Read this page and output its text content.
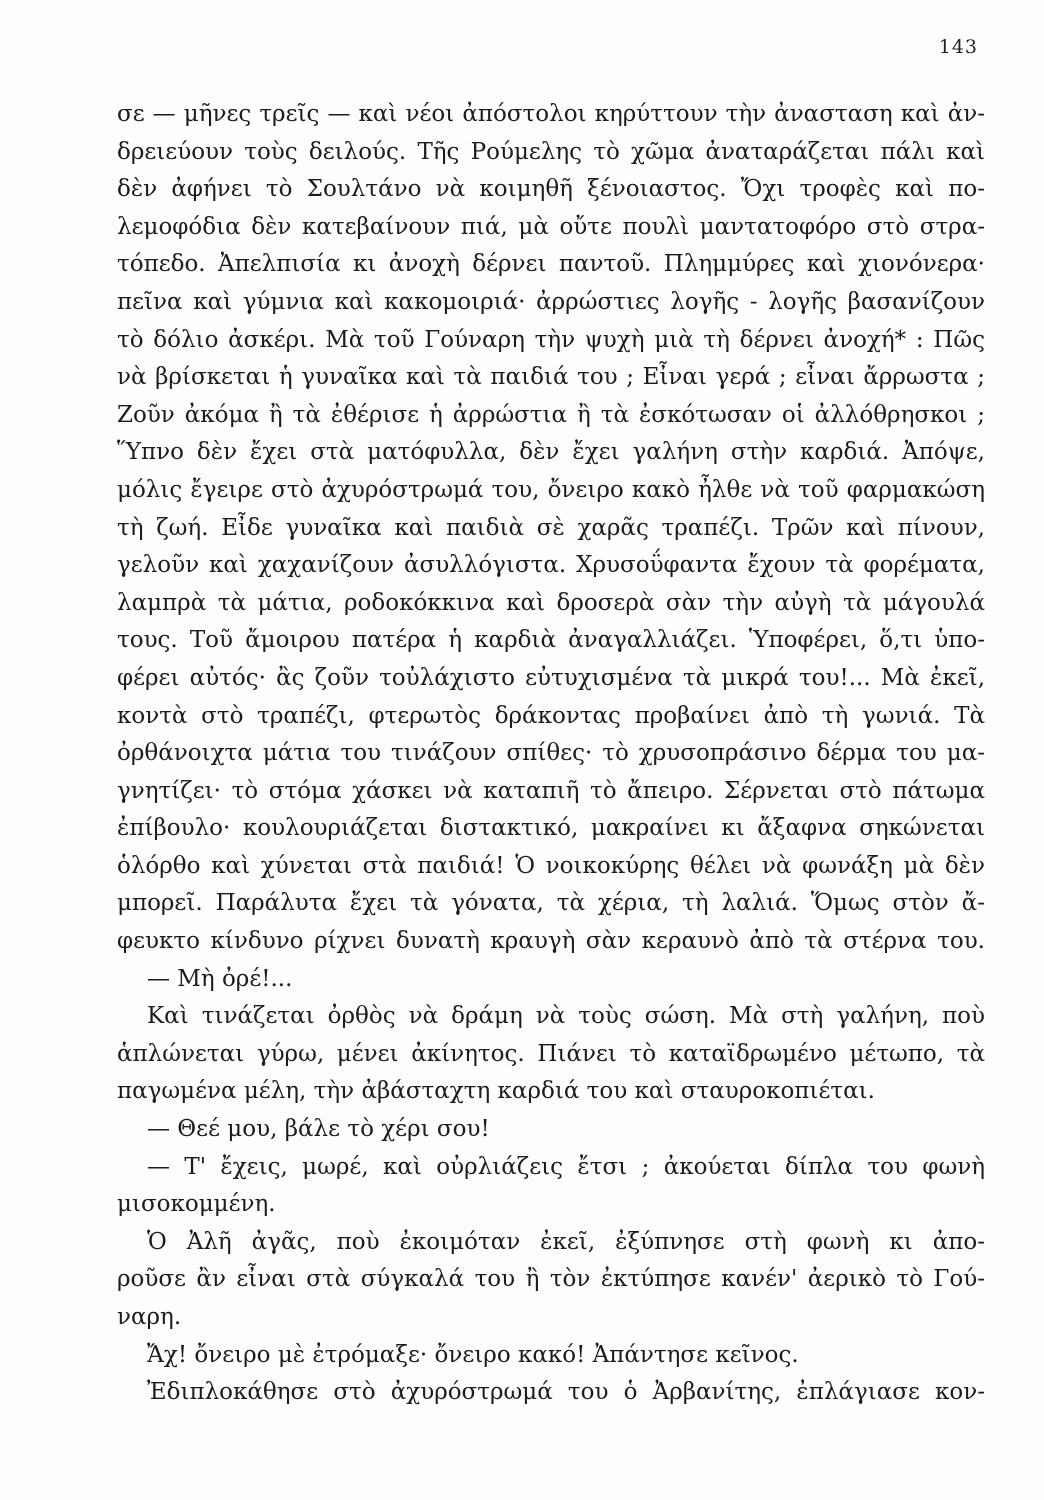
143
σε — μῆνες τρεῖς — καὶ νέοι ἀπόστολοι κηρύττουν τὴν ἀνασταση καὶ ἀν-
δρειεύουν τοὺς δειλούς. Τῆς Ρούμελης τὸ χῶμα ἀναταράζεται πάλι καὶ
δὲν ἀφήνει τὸ Σουλτάνο νὰ κοιμηθῆ ξένοιαστος. Ὄχι τροφὲς καὶ πο-
λεμοφόδια δὲν κατεβαίνουν πιά, μὰ οὔτε πουλὶ μαντατοφόρο στὸ στρα-
τόπεδο. Ἀπελπισία κι ἀνοχὴ δέρνει παντοῦ. Πλημμύρες καὶ χιονόνερα·
πεῖνα καὶ γύμνια καὶ κακομοιριά· ἀρρώστιες λογῆς - λογῆς βασανίζουν
τὸ δόλιο ἀσκέρι. Μὰ τοῦ Γούναρη τὴν ψυχὴ μιὰ τὴ δέρνει ἀνοχή* : Πῶς
νὰ βρίσκεται ἡ γυναῖκα καὶ τὰ παιδιά του ; Εἶναι γερά ; εἶναι ἄρρωστα ;
Ζοῦν ἀκόμα ἢ τὰ ἐθέρισε ἡ ἀρρώστια ἢ τὰ ἐσκότωσαν οἱ ἀλλόθρησκοι ;
Ὕπνο δὲν ἔχει στὰ ματόφυλλα, δὲν ἔχει γαλήνη στὴν καρδιά. Ἀπόψε,
μόλις ἔγειρε στὸ ἀχυρόστρωμά του, ὄνειρο κακὸ ἦλθε νὰ τοῦ φαρμακώση
τὴ ζωή. Εἶδε γυναῖκα καὶ παιδιὰ σὲ χαρᾶς τραπέζι. Τρῶν καὶ πίνουν,
γελοῦν καὶ χαχανίζουν ἀσυλλόγιστα. Χρυσοΰφαντα ἔχουν τὰ φορέματα,
λαμπρὰ τὰ μάτια, ροδοκόκκινα καὶ δροσερὰ σὰν τὴν αὐγὴ τὰ μάγουλά
τους. Τοῦ ἄμοιρου πατέρα ἡ καρδιὰ ἀναγαλλιάζει. Ὑποφέρει, ὅ,τι ὑπο-
φέρει αὐτός· ἂς ζοῦν τοὐλάχιστο εὐτυχισμένα τὰ μικρά του!... Μὰ ἐκεῖ,
κοντὰ στὸ τραπέζι, φτερωτὸς δράκοντας προβαίνει ἀπὸ τὴ γωνιά. Τὰ
ὀρθάνοιχτα μάτια του τινάζουν σπίθες· τὸ χρυσοπράσινο δέρμα του μα-
γνητίζει· τὸ στόμα χάσκει νὰ καταπιῆ τὸ ἄπειρο. Σέρνεται στὸ πάτωμα
ἐπίβουλο· κουλουριάζεται διστακτικό, μακραίνει κι ἄξαφνα σηκώνεται
ὁλόρθο καὶ χύνεται στὰ παιδιά! Ὁ νοικοκύρης θέλει νὰ φωνάξη μὰ δὲν
μπορεῖ. Παράλυτα ἔχει τὰ γόνατα, τὰ χέρια, τὴ λαλιά. Ὅμως στὸν ἄ-
φευκτο κίνδυνο ρίχνει δυνατὴ κραυγὴ σὰν κεραυνὸ ἀπὸ τὰ στέρνα του.
— Μὴ ὀρέ!...
Καὶ τινάζεται ὀρθὸς νὰ δράμη νὰ τοὺς σώση. Μὰ στὴ γαλήνη, ποὺ
ἁπλώνεται γύρω, μένει ἀκίνητος. Πιάνει τὸ καταϊδρωμένο μέτωπο, τὰ
παγωμένα μέλη, τὴν ἀβάσταχτη καρδιά του καὶ σταυροκοπιέται.
— Θεέ μου, βάλε τὸ χέρι σου!
— Τ' ἔχεις, μωρέ, καὶ οὐρλιάζεις ἔτσι ; ἀκούεται δίπλα του φωνὴ
μισοκομμένη.
Ὁ Ἀλῆ ἀγᾶς, ποὺ ἐκοιμόταν ἐκεῖ, ἐξύπνησε στὴ φωνὴ κι ἀπο-
ροῦσε ἂν εἶναι στὰ σύγκαλά του ἢ τὸν ἐκτύπησε κανέν' ἀερικὸ τὸ Γού-
ναρη.
Ἄχ! ὄνειρο μὲ ἐτρόμαξε· ὄνειρο κακό! Ἀπάντησε κεῖνος.
Ἐδιπλοκάθησε στὸ ἀχυρόστρωμά του ὁ Ἀρβανίτης, ἐπλάγιασε κον-
